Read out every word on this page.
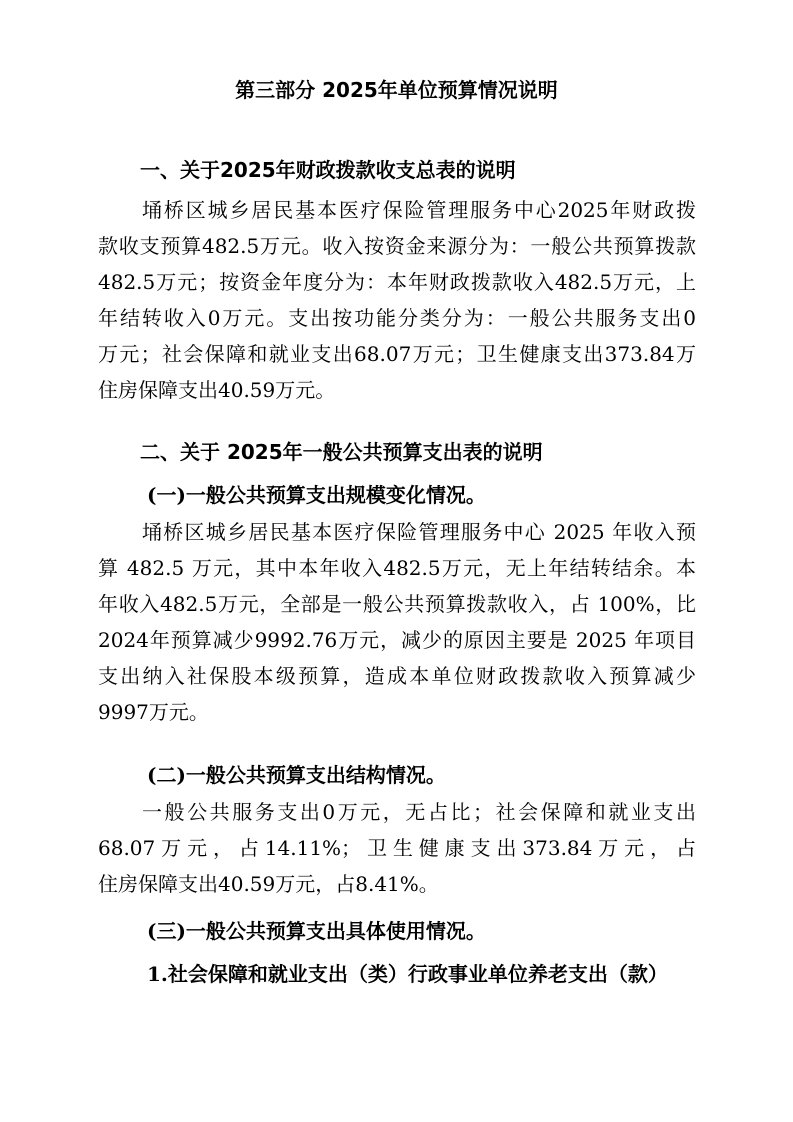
第三部分 2025年单位预算情况说明
一、关于2025年财政拨款收支总表的说明
埇桥区城乡居民基本医疗保险管理服务中心2025年财政拨
款收支预算482.5万元。收入按资金来源分为：一般公共预算拨款
482.5万元；按资金年度分为：本年财政拨款收入482.5万元，上
年结转收入0万元。支出按功能分类分为：一般公共服务支出0
万元；社会保障和就业支出68.07万元；卫生健康支出373.84万
住房保障支出40.59万元。
二、关于 2025年一般公共预算支出表的说明
(一)一般公共预算支出规模变化情况。
埇桥区城乡居民基本医疗保险管理服务中心 2025 年收入预
算 482.5 万元，其中本年收入482.5万元，无上年结转结余。本
年收入482.5万元，全部是一般公共预算拨款收入，占 100%，比
2024年预算减少9992.76万元，减少的原因主要是 2025 年项目
支出纳入社保股本级预算，造成本单位财政拨款收入预算减少
9997万元。
(二)一般公共预算支出结构情况。
一般公共服务支出0万元，无占比；社会保障和就业支出
68.07万元，占14.11%；卫生健康支出373.84万元，占
住房保障支出40.59万元，占8.41%。
(三)一般公共预算支出具体使用情况。
1.社会保障和就业支出（类）行政事业单位养老支出（款）
